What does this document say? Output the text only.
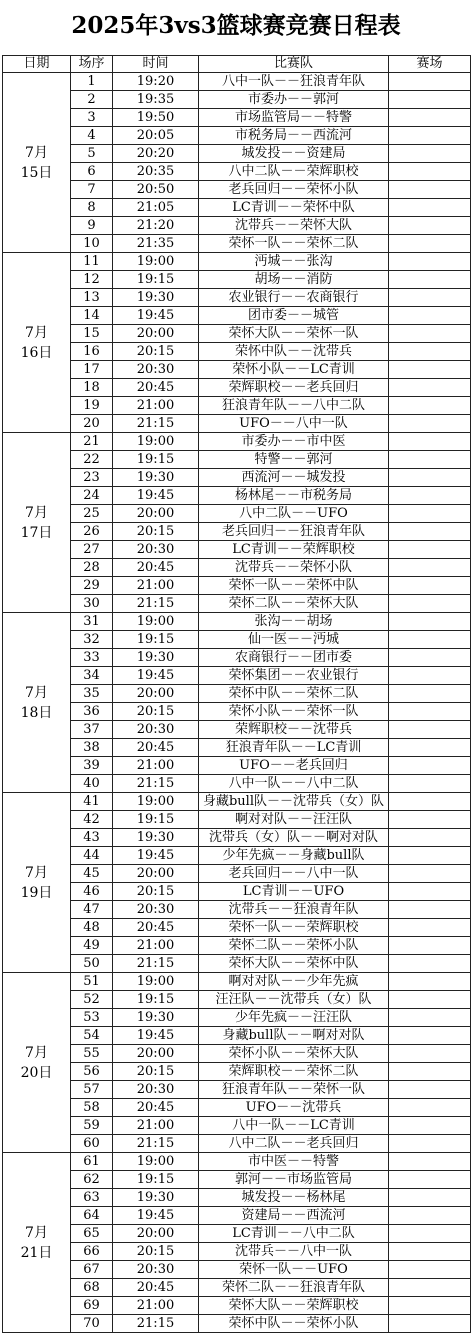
2025年3vs3篮球赛竞赛日程表
日期	场序	时间	比赛队	赛场

7月
15日	1	19:20	八中一队－－狂浪青年队	
	2	19:35	市委办－－郭河	
	3	19:50	市场监管局－－特警	
	4	20:05	市税务局－－西流河	
	5	20:20	城发投－－资建局	
	6	20:35	八中二队－－荣辉职校	
	7	20:50	老兵回归－－荣怀小队	
	8	21:05	LC青训－－荣怀中队	
	9	21:20	沈带兵－－荣怀大队	
	10	21:35	荣怀一队－－荣怀二队	

7月
16日	11	19:00	沔城－－张沟	
	12	19:15	胡场－－消防	
	13	19:30	农业银行－－农商银行	
	14	19:45	团市委－－城管	
	15	20:00	荣怀大队－－荣怀一队	
	16	20:15	荣怀中队－－沈带兵	
	17	20:30	荣怀小队－－LC青训	
	18	20:45	荣辉职校－－老兵回归	
	19	21:00	狂浪青年队－－八中二队	
	20	21:15	UFO－－八中一队	

7月
17日	21	19:00	市委办－－市中医	
	22	19:15	特警－－郭河	
	23	19:30	西流河－－城发投	
	24	19:45	杨林尾－－市税务局	
	25	20:00	八中二队－－UFO	
	26	20:15	老兵回归－－狂浪青年队	
	27	20:30	LC青训－－荣辉职校	
	28	20:45	沈带兵－－荣怀小队	
	29	21:00	荣怀一队－－荣怀中队	
	30	21:15	荣怀二队－－荣怀大队	

7月
18日	31	19:00	张沟－－胡场	
	32	19:15	仙一医－－沔城	
	33	19:30	农商银行－－团市委	
	34	19:45	荣怀集团－－农业银行	
	35	20:00	荣怀中队－－荣怀二队	
	36	20:15	荣怀小队－－荣怀一队	
	37	20:30	荣辉职校－－沈带兵	
	38	20:45	狂浪青年队－－LC青训	
	39	21:00	UFO－－老兵回归	
	40	21:15	八中一队－－八中二队	

7月
19日	41	19:00	身藏bull队－－沈带兵（女）队	
	42	19:15	啊对对队－－汪汪队	
	43	19:30	沈带兵（女）队－－啊对对队	
	44	19:45	少年先疯－－身藏bull队	
	45	20:00	老兵回归－－八中一队	
	46	20:15	LC青训－－UFO	
	47	20:30	沈带兵－－狂浪青年队	
	48	20:45	荣怀一队－－荣辉职校	
	49	21:00	荣怀二队－－荣怀小队	
	50	21:15	荣怀大队－－荣怀中队	

7月
20日	51	19:00	啊对对队－－少年先疯	
	52	19:15	汪汪队－－沈带兵（女）队	
	53	19:30	少年先疯－－汪汪队	
	54	19:45	身藏bull队－－啊对对队	
	55	20:00	荣怀小队－－荣怀大队	
	56	20:15	荣辉职校－－荣怀二队	
	57	20:30	狂浪青年队－－荣怀一队	
	58	20:45	UFO－－沈带兵	
	59	21:00	八中一队－－LC青训	
	60	21:15	八中二队－－老兵回归	

7月
21日	61	19:00	市中医－－特警	
	62	19:15	郭河－－市场监管局	
	63	19:30	城发投－－杨林尾	
	64	19:45	资建局－－西流河	
	65	20:00	LC青训－－八中二队	
	66	20:15	沈带兵－－八中一队	
	67	20:30	荣怀一队－－UFO	
	68	20:45	荣怀二队－－狂浪青年队	
	69	21:00	荣怀大队－－荣辉职校	
	70	21:15	荣怀中队－－荣怀小队	
